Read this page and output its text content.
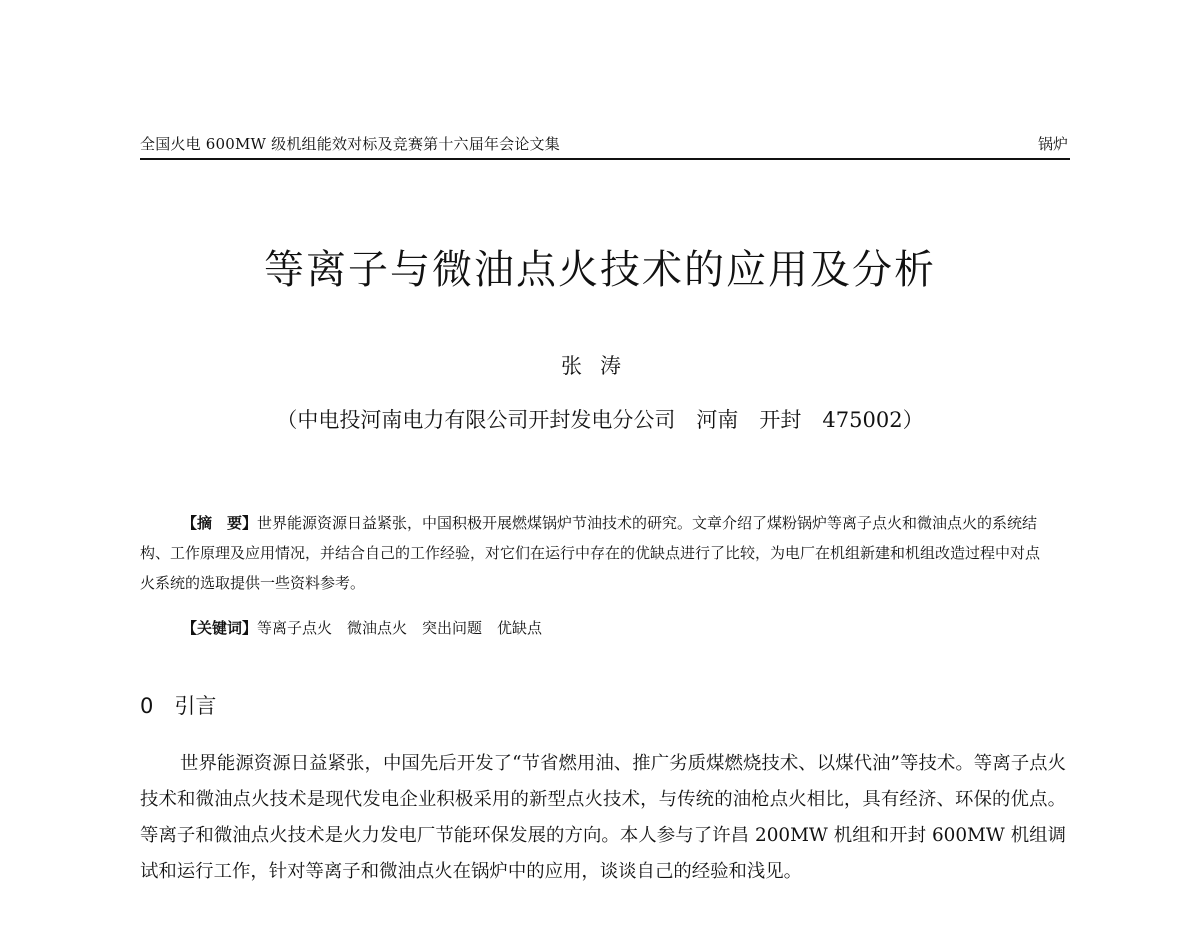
全国火电 600MW 级机组能效对标及竞赛第十六届年会论文集	锅炉
等离子与微油点火技术的应用及分析
张涛
（中电投河南电力有限公司开封发电分公司　河南　开封　475002）

【摘　要】世界能源资源日益紧张，中国积极开展燃煤锅炉节油技术的研究。文章介绍了煤粉锅炉等离子点火和微油点火的系统结构、工作原理及应用情况，并结合自己的工作经验，对它们在运行中存在的优缺点进行了比较，为电厂在机组新建和机组改造过程中对点火系统的选取提供一些资料参考。

【关键词】等离子点火　微油点火　突出问题　优缺点
0　引言

世界能源资源日益紧张，中国先后开发了“节省燃用油、推广劣质煤燃烧技术、以煤代油”等技术。等离子点火技术和微油点火技术是现代发电企业积极采用的新型点火技术，与传统的油枪点火相比，具有经济、环保的优点。等离子和微油点火技术是火力发电厂节能环保发展的方向。本人参与了许昌 200MW 机组和开封 600MW 机组调试和运行工作，针对等离子和微油点火在锅炉中的应用，谈谈自己的经验和浅见。
